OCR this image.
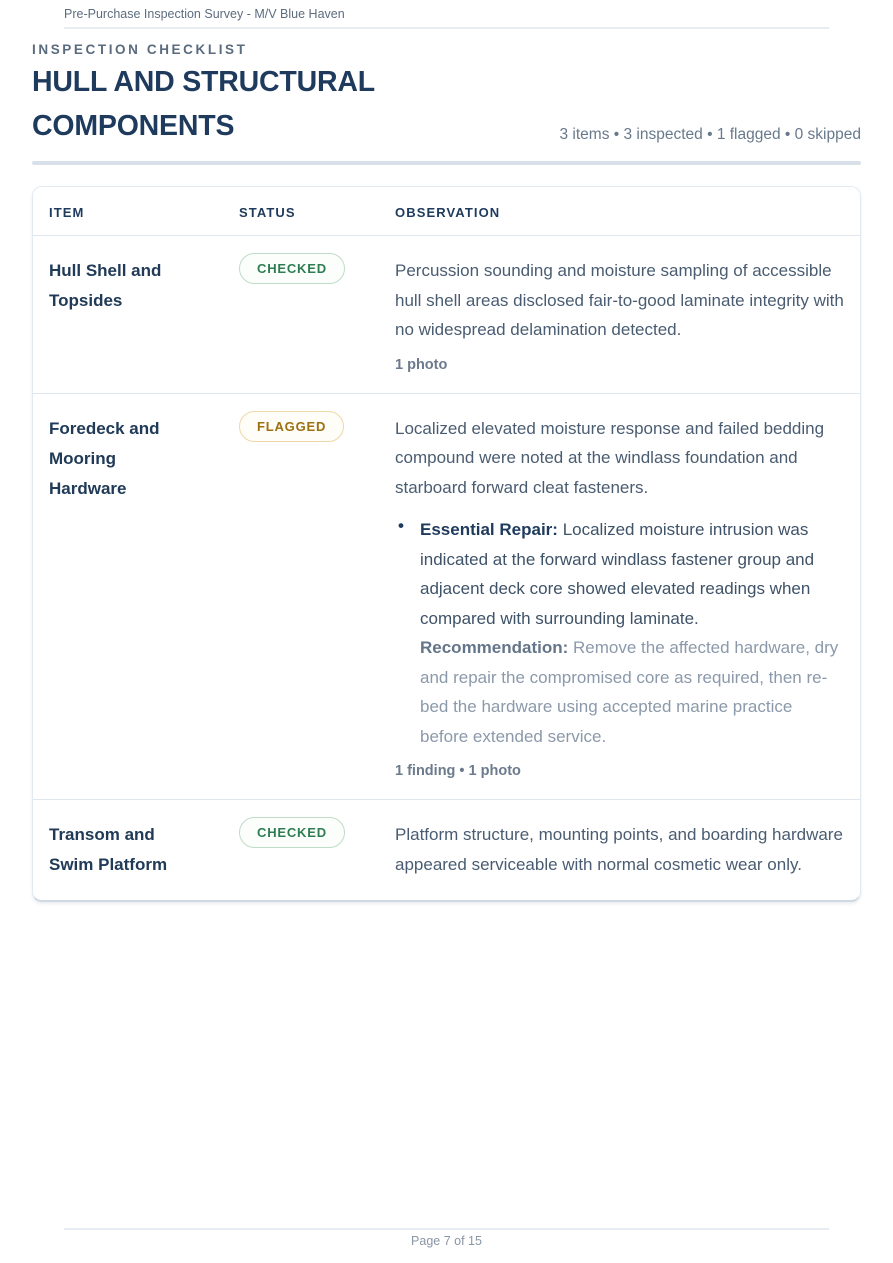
Pre-Purchase Inspection Survey - M/V Blue Haven
INSPECTION CHECKLIST
HULL AND STRUCTURAL COMPONENTS	3 items • 3 inspected • 1 flagged • 0 skipped
ITEM	STATUS	OBSERVATION

Hull Shell and Topsides	CHECKED	Percussion sounding and moisture sampling of accessible hull shell areas disclosed fair-to-good laminate integrity with no widespread delamination detected.

1 photo

Foredeck and Mooring Hardware	FLAGGED	Localized elevated moisture response and failed bedding compound were noted at the windlass foundation and starboard forward cleat fasteners.

• Essential Repair: Localized moisture intrusion was indicated at the forward windlass fastener group and adjacent deck core showed elevated readings when compared with surrounding laminate.
Recommendation: Remove the affected hardware, dry and repair the compromised core as required, then re-bed the hardware using accepted marine practice before extended service.
1 finding • 1 photo

Transom and Swim Platform	CHECKED	Platform structure, mounting points, and boarding hardware appeared serviceable with normal cosmetic wear only.

Page 7 of 15
